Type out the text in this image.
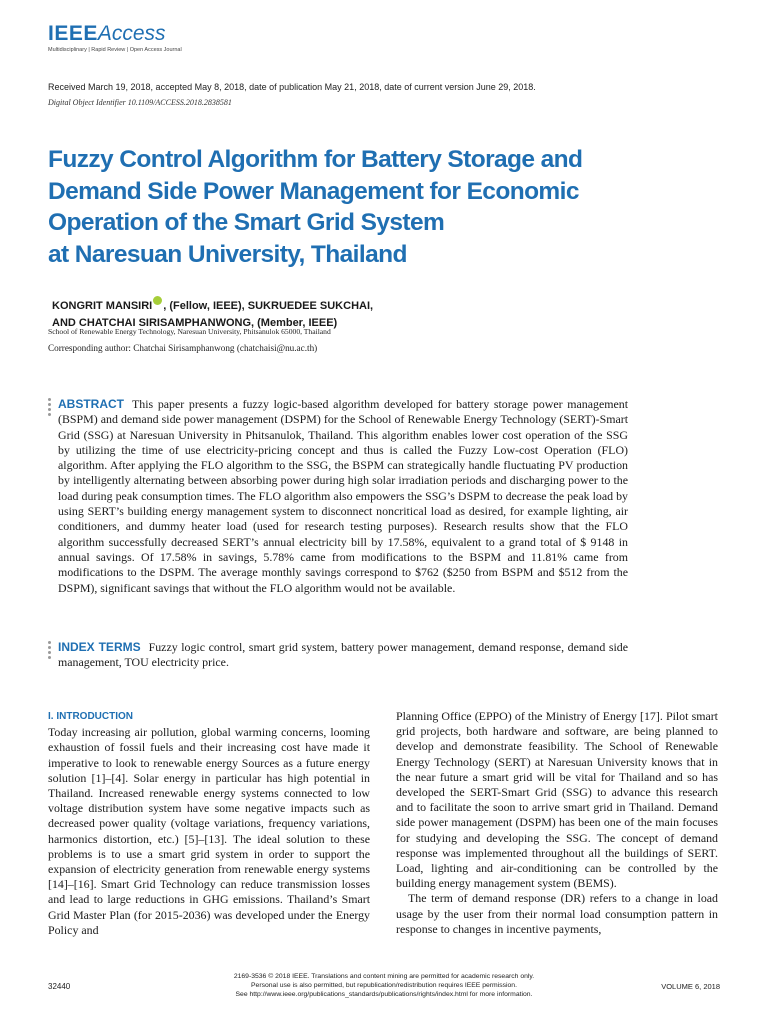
IEEEAccess
Multidisciplinary | Rapid Review | Open Access Journal
Received March 19, 2018, accepted May 8, 2018, date of publication May 21, 2018, date of current version June 29, 2018.
Digital Object Identifier 10.1109/ACCESS.2018.2838581
Fuzzy Control Algorithm for Battery Storage and
Demand Side Power Management for Economic
Operation of the Smart Grid System
at Naresuan University, Thailand
KONGRIT MANSIRI , (Fellow, IEEE), SUKRUEDEE SUKCHAI,
AND CHATCHAI SIRISAMPHANWONG, (Member, IEEE)
School of Renewable Energy Technology, Naresuan University, Phitsanulok 65000, Thailand
Corresponding author: Chatchai Sirisamphanwong (chatchaisi@nu.ac.th)
ABSTRACT This paper presents a fuzzy logic-based algorithm developed for battery storage power management (BSPM) and demand side power management (DSPM) for the School of Renewable Energy Technology (SERT)-Smart Grid (SSG) at Naresuan University in Phitsanulok, Thailand. This algorithm enables lower cost operation of the SSG by utilizing the time of use electricity-pricing concept and thus is called the Fuzzy Low-cost Operation (FLO) algorithm. After applying the FLO algorithm to the SSG, the BSPM can strategically handle fluctuating PV production by intelligently alternating between absorbing power during high solar irradiation periods and discharging power to the load during peak consumption times. The FLO algorithm also empowers the SSG’s DSPM to decrease the peak load by using SERT’s building energy management system to disconnect noncritical load as desired, for example lighting, air conditioners, and dummy heater load (used for research testing purposes). Research results show that the FLO algorithm successfully decreased SERT’s annual electricity bill by 17.58%, equivalent to a grand total of $ 9148 in annual savings. Of 17.58% in savings, 5.78% came from modifications to the BSPM and 11.81% came from modifications to the DSPM. The average monthly savings correspond to $762 ($250 from BSPM and $512 from the DSPM), significant savings that without the FLO algorithm would not be available.
INDEX TERMS Fuzzy logic control, smart grid system, battery power management, demand response, demand side management, TOU electricity price.
I. INTRODUCTION
Today increasing air pollution, global warming concerns, looming exhaustion of fossil fuels and their increasing cost have made it imperative to look to renewable energy Sources as a future energy solution [1]–[4]. Solar energy in particular has high potential in Thailand. Increased renewable energy systems connected to low voltage distribution system have some negative impacts such as decreased power quality (voltage variations, frequency variations, harmonics distortion, etc.) [5]–[13]. The ideal solution to these problems is to use a smart grid system in order to support the expansion of electricity generation from renewable energy systems [14]–[16]. Smart Grid Technology can reduce transmission losses and lead to large reductions in GHG emissions. Thailand’s Smart Grid Master Plan (for 2015-2036) was developed under the Energy Policy and
Planning Office (EPPO) of the Ministry of Energy [17]. Pilot smart grid projects, both hardware and software, are being planned to develop and demonstrate feasibility. The School of Renewable Energy Technology (SERT) at Naresuan University knows that in the near future a smart grid will be vital for Thailand and so has developed the SERT-Smart Grid (SSG) to advance this research and to facilitate the soon to arrive smart grid in Thailand. Demand side power management (DSPM) has been one of the main focuses for studying and developing the SSG. The concept of demand response was implemented throughout all the buildings of SERT. Load, lighting and air-conditioning can be controlled by the building energy management system (BEMS).
The term of demand response (DR) refers to a change in load usage by the user from their normal load consumption pattern in response to changes in incentive payments,
32440
2169-3536 © 2018 IEEE. Translations and content mining are permitted for academic research only.
Personal use is also permitted, but republication/redistribution requires IEEE permission.
See http://www.ieee.org/publications_standards/publications/rights/index.html for more information.
VOLUME 6, 2018
